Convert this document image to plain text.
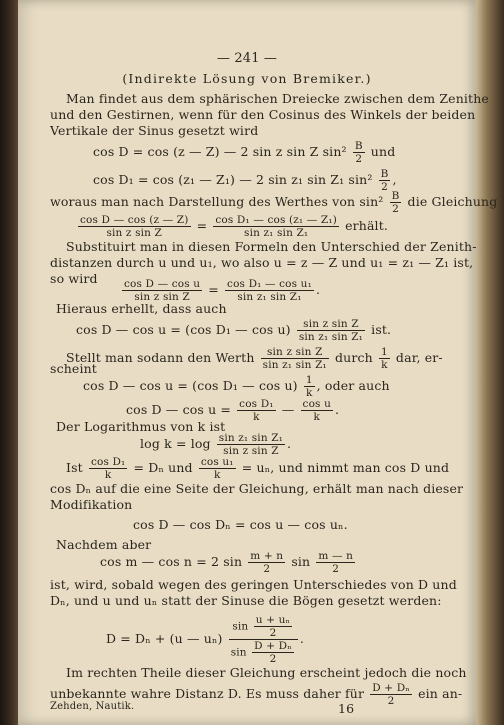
— 241 —
(Indirekte Lösung von Bremiker.)
Man findet aus dem sphärischen Dreiecke zwischen dem Zenithe
und den Gestirnen, wenn für den Cosinus des Winkels der beiden
Vertikale der Sinus gesetzt wird
cos D = cos (z — Z) — 2 sin z sin Z $\sin^2 \frac{B}{2}$ und
cos D₁ = cos (z₁ — Z₁) — 2 sin z₁ sin Z₁ $\sin^2 \frac{B}{2}$ ,
woraus man nach Darstellung des Werthes von $\sin^2 \frac{B}{2}$ die Gleichung
$\frac{\text{cos D — cos (z — Z)}}{\text{sin z sin Z}} = \frac{\text{cos D₁ — cos (z₁ — Z₁)}}{\text{sin z₁ sin Z₁}}$ erhält.
Substituirt man in diesen Formeln den Unterschied der Zenith-
distanzen durch u und u₁, wo also u = z — Z und u₁ = z₁ — Z₁ ist,
so wird $\frac{\text{cos D — cos u}}{\text{sin z sin Z}} = \frac{\text{cos D₁ — cos u₁}}{\text{sin z₁ sin Z₁}}$ .
Hieraus erhellt, dass auch
cos D — cos u = (cos D₁ — $\cos u) \frac{\text{sin z sin Z}}{\text{sin z₁ sin Z₁}}$ ist.
Stellt man sodann den Werth $\frac{\text{sin z sin Z}}{\text{sin z₁ sin Z₁}}$ durch $\frac{1}{k}$ dar, er-
scheint
cos D — cos u = (cos D₁ — $\cos u) \frac{1}{k}$ , oder auch
cos D — $\cos u = \frac{\text{cos D₁}}{k}$ — $\frac{\text{cos u}}{k}$ .
Der Logarithmus von k ist
$\log k = \log \frac{\text{sin z₁ sin Z₁}}{\text{sin z sin Z}}$ .
Ist $\frac{\text{cos D₁}}{k} = D_n$ und $\frac{\text{cos u₁}}{k} = u_n$, und nimmt man cos D und
cos Dₙ auf die eine Seite der Gleichung, erhält man nach dieser
Modifikation
cos D — cos Dₙ = cos u — cos uₙ.
Nachdem aber
cos m — cos n = 2 $\sin \frac{m + n}{2}$ $\sin \frac{m — n}{2}$
ist, wird, sobald wegen des geringen Unterschiedes von D und
Dₙ, und u und uₙ statt der Sinuse die Bögen gesetzt werden:
D = Dₙ + (u — $u_n) \frac{\sin \frac{\text{u + uₙ}}{2}}{\sin \frac{\text{D + Dₙ}}{2}}$ .
Im rechten Theile dieser Gleichung erscheint jedoch die noch
unbekannte wahre Distanz D. Es muss daher für $\frac{\text{D + Dₙ}}{2}$ ein an-
Zehden, Nautik.	16
